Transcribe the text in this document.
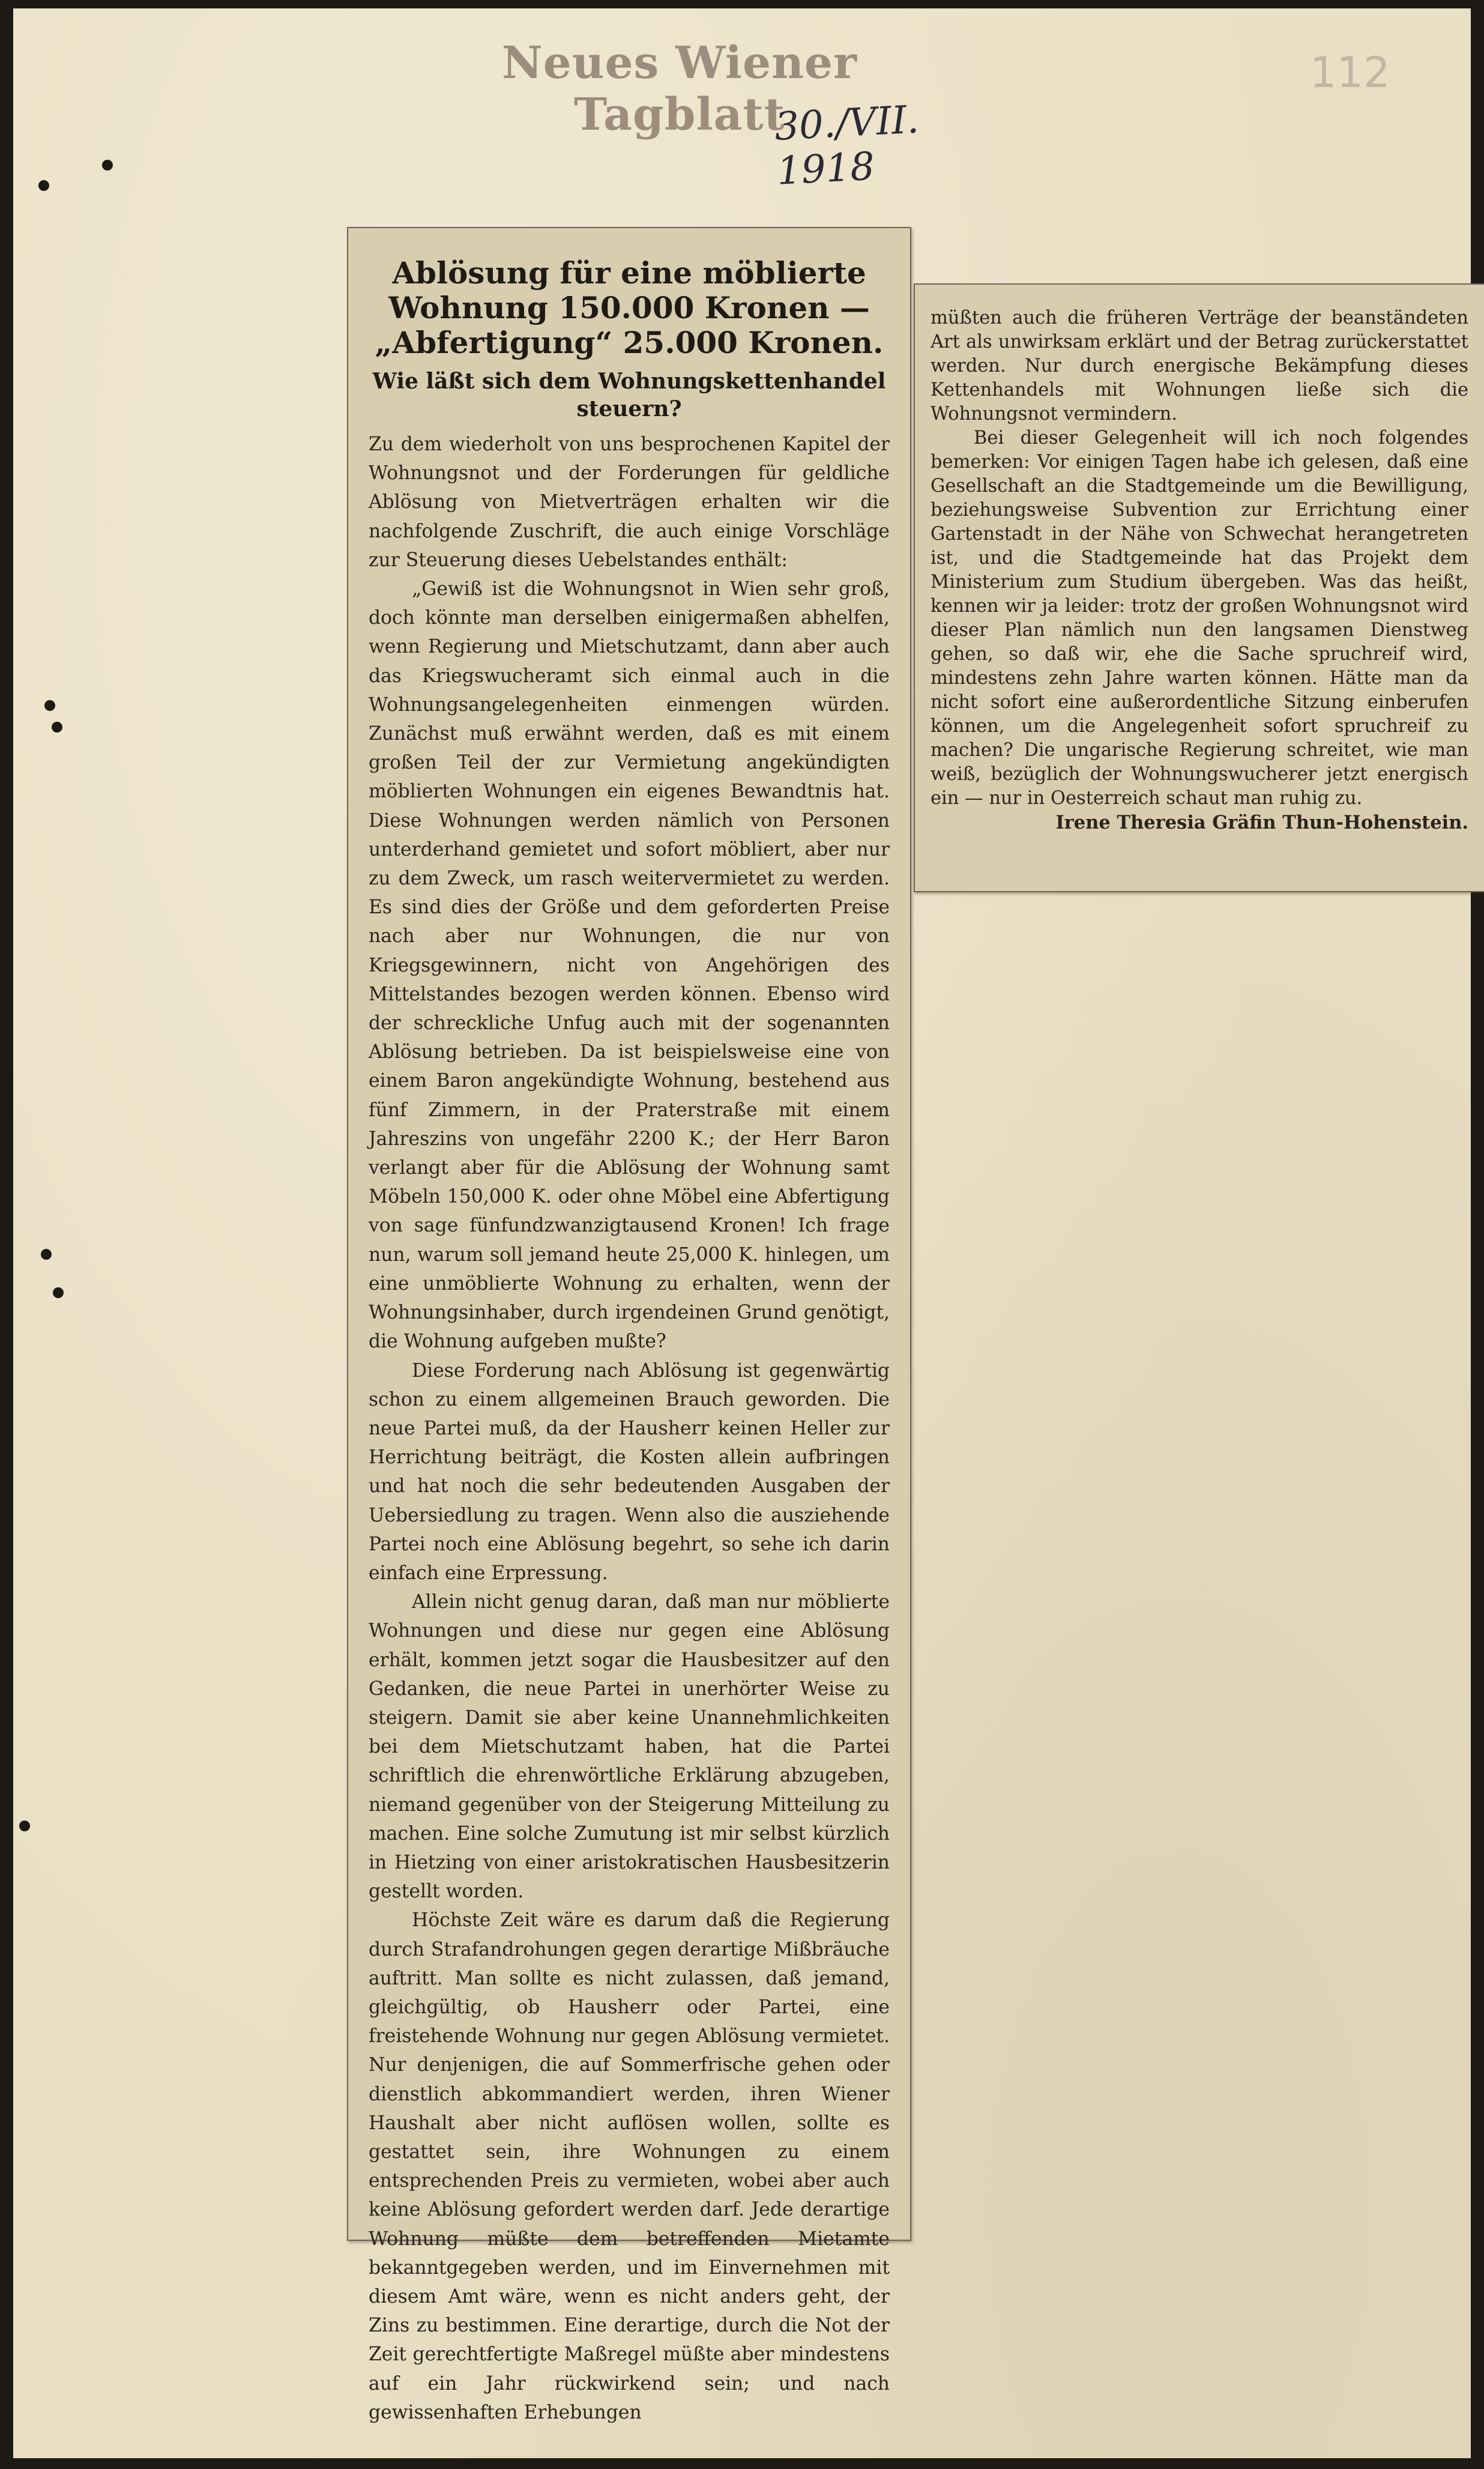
Neues Wiener Tagblatt
30./VII. 1918
112
Ablösung für eine möblierte Wohnung 150.000 Kronen — „Abfertigung“ 25.000 Kronen.
Wie läßt sich dem Wohnungskettenhandel steuern?

Zu dem wiederholt von uns besprochenen Kapitel der Wohnungsnot und der Forderungen für geldliche Ablösung von Mietverträgen erhalten wir die nachfolgende Zuschrift, die auch einige Vorschläge zur Steuerung dieses Uebelstandes enthält:

„Gewiß ist die Wohnungsnot in Wien sehr groß, doch könnte man derselben einigermaßen abhelfen, wenn Regierung und Mietschutzamt, dann aber auch das Kriegswucheramt sich einmal auch in die Wohnungsangelegenheiten einmengen würden. Zunächst muß erwähnt werden, daß es mit einem großen Teil der zur Vermietung angekündigten möblierten Wohnungen ein eigenes Bewandtnis hat. Diese Wohnungen werden nämlich von Personen unterderhand gemietet und sofort möbliert, aber nur zu dem Zweck, um rasch weitervermietet zu werden. Es sind dies der Größe und dem geforderten Preise nach aber nur Wohnungen, die nur von Kriegsgewinnern, nicht von Angehörigen des Mittelstandes bezogen werden können. Ebenso wird der schreckliche Unfug auch mit der sogenannten Ablösung betrieben. Da ist beispielsweise eine von einem Baron angekündigte Wohnung, bestehend aus fünf Zimmern, in der Praterstraße mit einem Jahreszins von ungefähr 2200 K.; der Herr Baron verlangt aber für die Ablösung der Wohnung samt Möbeln 150,000 K. oder ohne Möbel eine Abfertigung von sage fünfundzwanzigtausend Kronen! Ich frage nun, warum soll jemand heute 25,000 K. hinlegen, um eine unmöblierte Wohnung zu erhalten, wenn der Wohnungsinhaber, durch irgendeinen Grund genötigt, die Wohnung aufgeben mußte?

Diese Forderung nach Ablösung ist gegenwärtig schon zu einem allgemeinen Brauch geworden. Die neue Partei muß, da der Hausherr keinen Heller zur Herrichtung beiträgt, die Kosten allein aufbringen und hat noch die sehr bedeutenden Ausgaben der Uebersiedlung zu tragen. Wenn also die ausziehende Partei noch eine Ablösung begehrt, so sehe ich darin einfach eine Erpressung.

Allein nicht genug daran, daß man nur möblierte Wohnungen und diese nur gegen eine Ablösung erhält, kommen jetzt sogar die Hausbesitzer auf den Gedanken, die neue Partei in unerhörter Weise zu steigern. Damit sie aber keine Unannehmlichkeiten bei dem Mietschutzamt haben, hat die Partei schriftlich die ehrenwörtliche Erklärung abzugeben, niemand gegenüber von der Steigerung Mitteilung zu machen. Eine solche Zumutung ist mir selbst kürzlich in Hietzing von einer aristokratischen Hausbesitzerin gestellt worden.

Höchste Zeit wäre es darum daß die Regierung durch Strafandrohungen gegen derartige Mißbräuche auftritt. Man sollte es nicht zulassen, daß jemand, gleichgültig, ob Hausherr oder Partei, eine freistehende Wohnung nur gegen Ablösung vermietet. Nur denjenigen, die auf Sommerfrische gehen oder dienstlich abkommandiert werden, ihren Wiener Haushalt aber nicht auflösen wollen, sollte es gestattet sein, ihre Wohnungen zu einem entsprechenden Preis zu vermieten, wobei aber auch keine Ablösung gefordert werden darf. Jede derartige Wohnung müßte dem betreffenden Mietamte bekanntgegeben werden, und im Einvernehmen mit diesem Amt wäre, wenn es nicht anders geht, der Zins zu bestimmen. Eine derartige, durch die Not der Zeit gerechtfertigte Maßregel müßte aber mindestens auf ein Jahr rückwirkend sein; und nach gewissenhaften Erhebungen

müßten auch die früheren Verträge der beanständeten Art als unwirksam erklärt und der Betrag zurückerstattet werden. Nur durch energische Bekämpfung dieses Kettenhandels mit Wohnungen ließe sich die Wohnungsnot vermindern.

Bei dieser Gelegenheit will ich noch folgendes bemerken: Vor einigen Tagen habe ich gelesen, daß eine Gesellschaft an die Stadtgemeinde um die Bewilligung, beziehungsweise Subvention zur Errichtung einer Gartenstadt in der Nähe von Schwechat herangetreten ist, und die Stadtgemeinde hat das Projekt dem Ministerium zum Studium übergeben. Was das heißt, kennen wir ja leider: trotz der großen Wohnungsnot wird dieser Plan nämlich nun den langsamen Dienstweg gehen, so daß wir, ehe die Sache spruchreif wird, mindestens zehn Jahre warten können. Hätte man da nicht sofort eine außerordentliche Sitzung einberufen können, um die Angelegenheit sofort spruchreif zu machen? Die ungarische Regierung schreitet, wie man weiß, bezüglich der Wohnungswucherer jetzt energisch ein — nur in Oesterreich schaut man ruhig zu.

Irene Theresia Gräfin Thun-Hohenstein.
